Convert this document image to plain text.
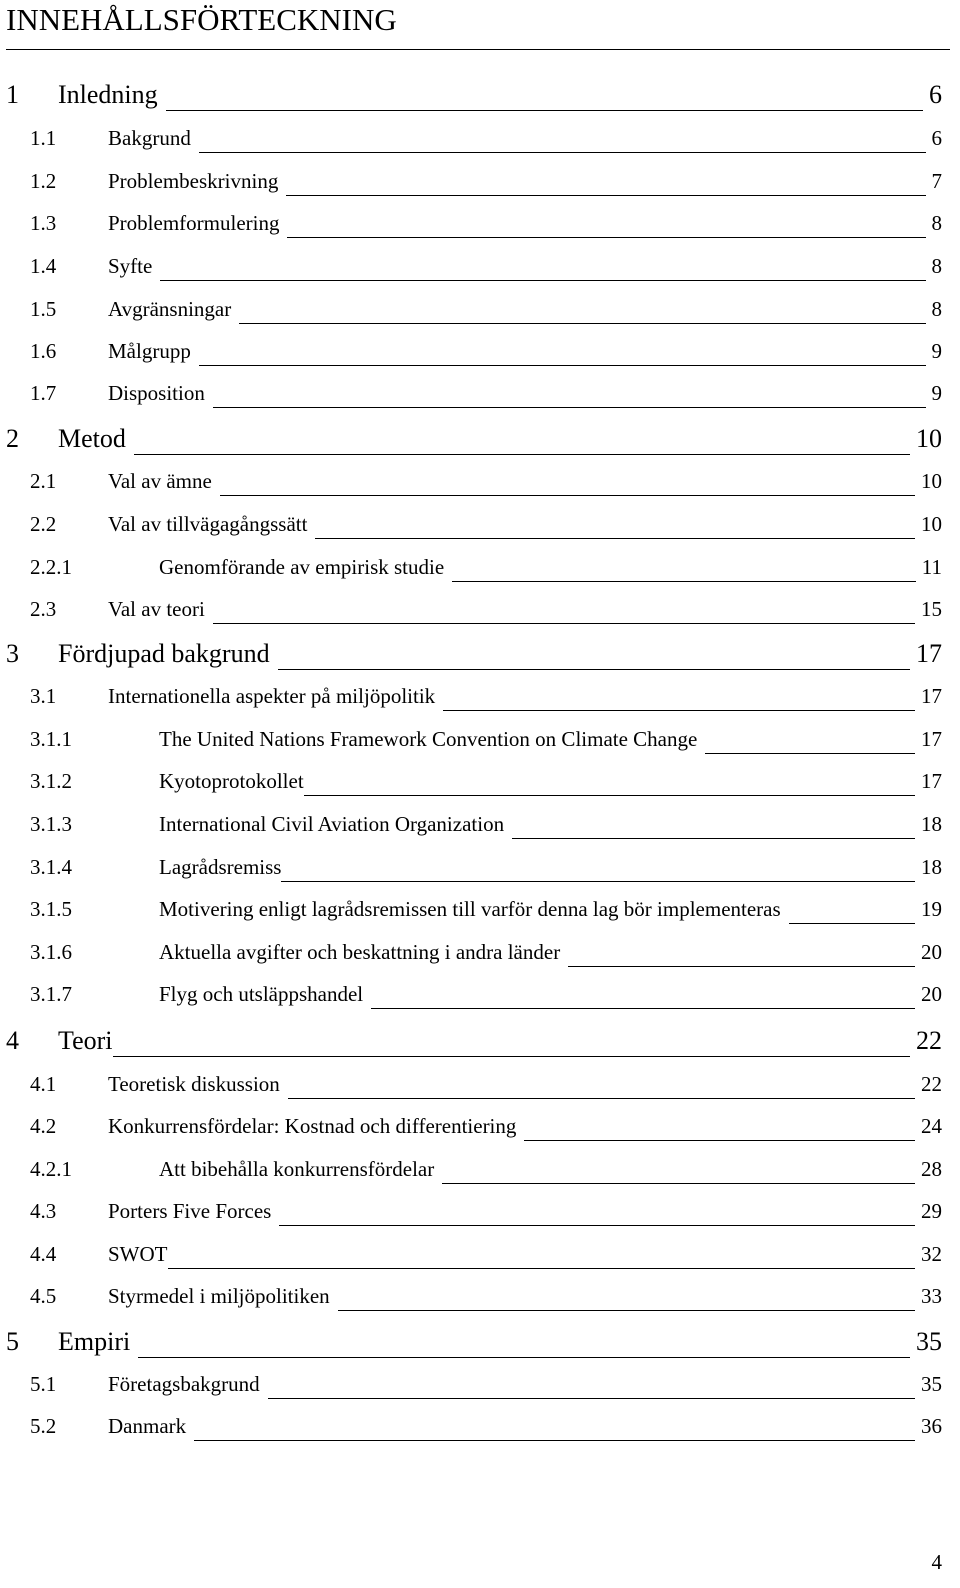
INNEHÅLLSFÖRTECKNING
1	Inledning	6
1.1	Bakgrund	6
1.2	Problembeskrivning	7
1.3	Problemformulering	8
1.4	Syfte	8
1.5	Avgränsningar	8
1.6	Målgrupp	9
1.7	Disposition	9
2	Metod	10
2.1	Val av ämne	10
2.2	Val av tillvägagångssätt	10
2.2.1	Genomförande av empirisk studie	11
2.3	Val av teori	15
3	Fördjupad bakgrund	17
3.1	Internationella aspekter på miljöpolitik	17
3.1.1	The United Nations Framework Convention on Climate Change	17
3.1.2	Kyotoprotokollet	17
3.1.3	International Civil Aviation Organization	18
3.1.4	Lagrådsremiss	18
3.1.5	Motivering enligt lagrådsremissen till varför denna lag bör implementeras	19
3.1.6	Aktuella avgifter och beskattning i andra länder	20
3.1.7	Flyg och utsläppshandel	20
4	Teori	22
4.1	Teoretisk diskussion	22
4.2	Konkurrensfördelar: Kostnad och differentiering	24
4.2.1	Att bibehålla konkurrensfördelar	28
4.3	Porters Five Forces	29
4.4	SWOT	32
4.5	Styrmedel i miljöpolitiken	33
5	Empiri	35
5.1	Företagsbakgrund	35
5.2	Danmark	36
4
